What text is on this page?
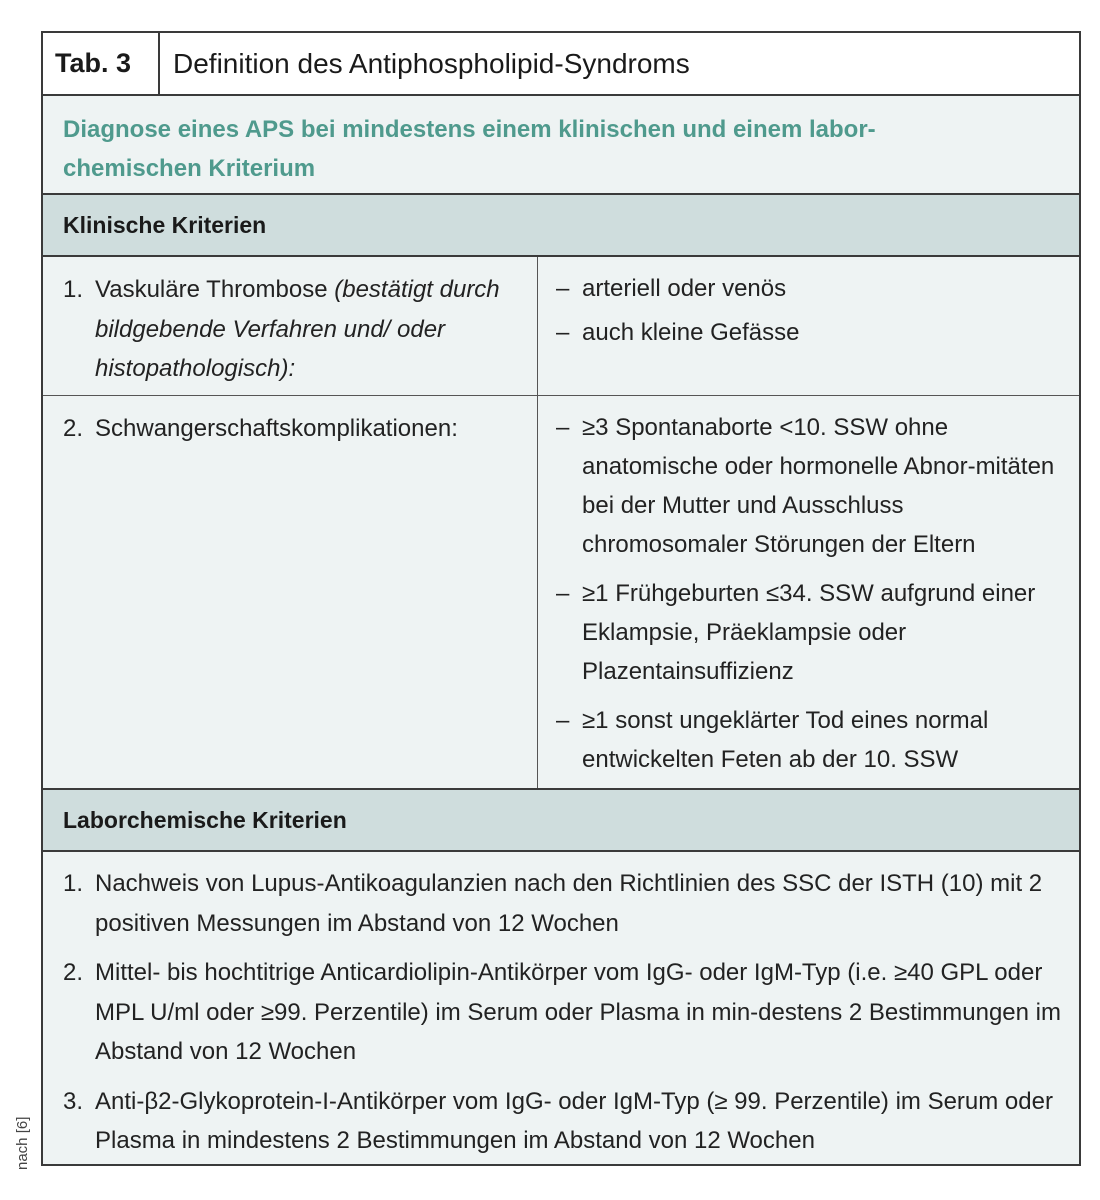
nach [6]
Tab. 3	Definition des Antiphospholipid-Syndroms
Diagnose eines APS bei mindestens einem klinischen und einem labor-
chemischen Kriterium
Klinische Kriterien
1. Vaskuläre Thrombose (bestätigt durch bildgebende Verfahren und/ oder histopathologisch):
– arteriell oder venös
– auch kleine Gefässe
2. Schwangerschaftskomplikationen:	– ≥3 Spontanaborte <10. SSW ohne anatomische oder hormonelle Abnor-mitäten bei der Mutter und Ausschluss chromosomaler Störungen der Eltern
– ≥1 Frühgeburten ≤34. SSW aufgrund einer Eklampsie, Präeklampsie oder Plazentainsuffizienz
– ≥1 sonst ungeklärter Tod eines normal entwickelten Feten ab der 10. SSW
Laborchemische Kriterien
1. Nachweis von Lupus-Antikoagulanzien nach den Richtlinien des SSC der ISTH (10) mit 2 positiven Messungen im Abstand von 12 Wochen
2. Mittel- bis hochtitrige Anticardiolipin-Antikörper vom IgG- oder IgM-Typ (i.e. ≥40 GPL oder MPL U/ml oder ≥99. Perzentile) im Serum oder Plasma in min-destens 2 Bestimmungen im Abstand von 12 Wochen
3. Anti-β2-Glykoprotein-I-Antikörper vom IgG- oder IgM-Typ (≥ 99. Perzentile) im Serum oder Plasma in mindestens 2 Bestimmungen im Abstand von 12 Wochen
